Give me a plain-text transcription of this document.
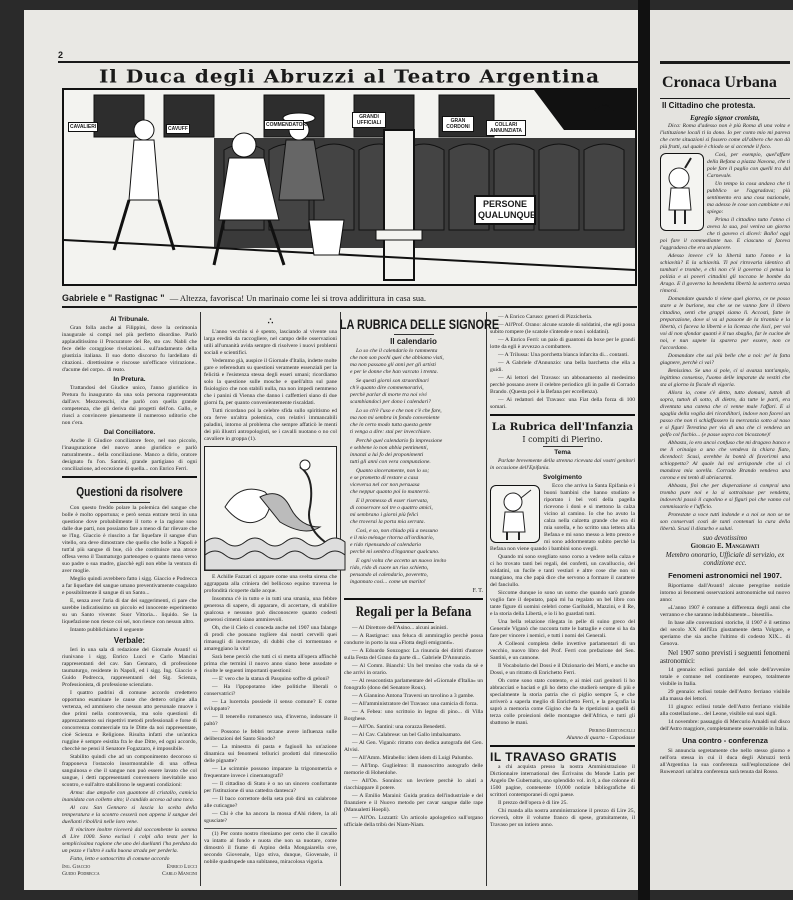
2
Il Duca degli Abruzzi al Teatro Argentina
CAVALIERI	CAVUFF
COMMENDATORI
GRANDI UFFICIALI	GRAN CORDONI	COLLARI ANNUNZIATA
PERSONE QUALUNQUE
Gabriele e " Rastignac " — Altezza, favorisca! Un marinaio come lei si trova addirittura in casa sua.
Al Tribunale.

Gran folla anche ai Filippini, dove la cerimonia inaugurale si compì nel più perfetto disordine. Parlò applauditissimo il Procuratore del Re, sto cav. Nabli che fece delle coraggiose rivelazioni... sull'andamento della giustizia italiana. Il suo dotto discorso fu lardellato di citazioni.. direttissime e riscosse un'efficace virirazione.. d'acume del corpo.. di reato.

In Pretura.

Trattandosi del Giudice unico, l'anno giuridico in Pretura fu inaugurato da una sola persona rappresentata dall'avv. Mezzoreschi, che parlò con quella grande competenza, che gli deriva dai progetti dell'on. Gallo, e riuscì a convincere pienamente il numeroso uditorio che non c'era.

Dal Conciliatore.

Anche il Giudice conciliatore fece, nel suo piccolo, l'inaugurazione del nuovo anno giuridico e parlò naturalmente... della conciliazione. Manco a dirlo, oratore designato fu l'on. Santini, grande partigiano di ogni conciliazione, ad eccezione di quella... con Enrico Ferri.

Questioni da risolvere

Con questo freddo polare la polemica del sangue che bolle è molto opportuna; e però senza entrare terzi in una questione dove probabilmente il torto e la ragione sono dalle due parti, non possiamo fare a meno di far rilevare che se l'Ing. Giaccio è riuscito a far liquefare il sangue d'un vitello, ora deve dimostrare che quello che bolle a Napoli è tutt'al più sangue di bue, ciò che costituisce una atroce offesa verso il Taumaturgo partenopeo o quanto meno verso suo padre o sua madre, giacchè egli non ebbe la ventura di aver moglie.

Meglio quindi avrebbero fatto i sigg. Giaccio e Podrecca a far liquefare del sangue umano preventivamente coagulato e possibilmente il sangue di un Santo...

E, senza aver l'aria di dar dei suggerimenti, ci pare che sarebbe indicatissimo un piccolo ed innocente esperimento su un Santo vivente: Suor Vittoria... liquido. Se la liquefazione non riesce coi sei, non riesce con nessun altro.

Intanto pubblichiamo il seguente

Verbale:

Ieri in una sala di redazione del Giornale Avanti! si riunivano i sigg. Enrico Lucci e Carlo Mancini rappresentanti del cav. San Gennaro, di professione taumaturgo, residente in Napoli, ed i sigg. Ing. Giaccio e Guido Podrecca, rappresentanti del Sig. Scienza, Professionista, di professione scienziato.

I quattro padrini di comune accordo credettero opportuno esaminare le cause che dettero origine alla vertenza, ed ammisero che nessun atto personale muove i due primi nella controversia, ma solo questioni di apprezzamento sui rispettivi metodi professionali e forse di concorrenza commerciale tra le Ditte da noi rappresentate, cioè Scienza e Religione. Risulta infatti che un'antica ruggine è sempre esistita fra le due Ditte, ed ogni accordo, checchè ne pensi il Senatore Fogazzaro, è impossibile.

Stabilito quindi che ad un componimento decoroso si frapponeva l'ostacolo insormontabile di una offesa sanguinosa e che il sangue non può essere lavato che col sangue, i detti rappresentanti convennero inevitabile uno scontro, e sull'altro stabilirono le seguenti condizioni:

Arma: due ampolle con guantone di cristallo, camicia inamidata con colletto alto; il candido acceso ad una toca.

Al cav. San Gennaro si lascia la scelta della temperatura e la scontro cesserà non appena il sangue dei duellanti ribollirà nelle loro vene.

Il vincitore inoltre riceverà dal soccombente la somma di Lire 1000. Sono esclusi i colpi alla testa per la semplicissima ragione che uno dei duellanti l'ha perduta da un pezzo e l'altro è sulla buona strada per perderla.

Fatto, letto e sottoscritto di comune accordo

Ing. Giaccio	Enrico Lucci
Guido Podrecca	Carlo Mancini
∴

L'anno vecchio si è spento, lasciando al vivente una larga eredità da raccogliere, nel campo delle osservazioni utili all'umanità avida sempre di risolvere i nuovi problemi sociali e scientifici.

Vedemmo già, auspice il Giornale d'Italia, indette molte gare e referendum su questioni veramente essenziali per la felicità e l'esistenza stessa degli esseri umani; ricordiamo solo la questione sulle mosche e quell'altra sul pane fisiologico che non stabilì nulla, ma non impedì nemmeno che i panini di Vienna che danno i caffettieri siano di due giorni fa, per quanto convenientemente riscaldati.

Tutti ricordano poi la celebre sfida sullo spiritismo ed ora ferve un'altra polemica, con relativi immancabili paladini, intorno al problema che sempre affaticò le menti dei più illustri antropologisti, se i cavalli nuotano o no col cavaliere in groppa (1).

E Achille Fazzari ci appare come una svelta sirena che aggrappata alla criniera del bellicoso equino traversa le profondità ricoperte dalle acque.

Insomma c'è in tutto e in tutti una smania, una febbre generosa di sapere, di apparare, di accertare, di stabilire qualcosa e nessuno può disconoscere quanto codesti generosi cimenti siano ammirevoli.

Oh, che il Cielo ci conceda anche nel 1907 una falange di prodi che possano togliere dai nostri cervelli quei rimasugli di incertezze, di dubbi che ci tormentano e amareggiano la vita!

Sarà bene perciò che tutti ci si metta all'opera affinchè prima che termini il nuovo anno siano bene assodate e risolte le seguenti importanti questioni:

— E' vero che la statua di Pasquino soffre di geloni?

— Ha l'ippopotamo idee politiche liberali o conservatrici?

— La lucertola possiede il senso comune? E come sviluppato?

— Il tenerello romanesco usa, d'inverno, indossare il paltò?

— Possono le febbri terzane avere influenza sulle deliberazioni del Santo Sinodo?

— La minestra di pasta e fagiuoli ha un'azione dinamica sui fenomeni tellurici prodotti dal rimescolio delle pignatte?

— Le scimmie possono imparare la trigonometria e frequentare invece i cinematografi?

— Il cittadino di Stato è o no un sincero confortante per l'istituzione di una cattedra dantesca?

— Il baco correttore della seta può dirsi un calabrone alle cuticagne?

— Chi è che ha ancora la mossa d'Ahi ridere, la ali sgusciate?

(1) Per conto nostro riteniamo per certo che il cavallo va intatto al fondo e nuota che non sa nuotare, come dimostrò il fiume di Arpino della Mongaiarella ove, secondo Giovenale, Ugo stiva, dunque, Giovenale, il nobile quadrupede una subitanea, miracolosa vigoria.

LA RUBRICA DELLE SIGNORE
Il calendario
Lo so che il calendario lo rammenta
che non son pochi quei che abbiamo visti,
ma non passano gli anni per gli artisti
e per le donne che han varcato i trenta.
Se questi giorni son straordinari
ch'è quanto dire commemorativi,
perchè parlar di morte tra noi vivi
scambiandoci per dono i calendari?
Lo so ch'è l'uso e che non c'è che fare,
ma non mi sembra in fondo conveniente
che in certo modo tutta questa gente
ti venga a dire: stai per invecchiare.
Perchè quel calendario fa impressione
e sebbene io non abbia pentimenti,
innanzi a lui fo dei proponimenti
tutti gli anni con vera compunzione.
Quanto sinceramente, non lo so;
e se prometto di restare a casa
viceversa nel cor non persuasa
che neppur quanto poi lo manterrò.
E il promesso di esser riservata,
di conservare sol tre o quattro amici,
mi sembrano i giorni più felici
che troverai la porta mia serrata.
Così, e so, non chiudo più a nessuno
e il mio ménage ritorna all'ordinario,
e rido ripensando al calendario
perchè mi sembra d'ingannar qualcuno.
E ogni volta che accetto un nuovo invito
rido, rido di cuore un riso schietto,
pensando al calendario, poveretto,
ingannato così... come un marito!
F. T.
Regali per la Befana

— Al Direttore dell'Asino... alcuni asinisti.

— A Rastignac: una feluca di ammiraglio perchè possa condurre in porto la sua «Flotta degli emigranti».

— A Edoardo Sonzogno: La rinuncia dei diritti d'autore sulla Festa del Grano da parte di... Gabriele D'Annunzio.

— Al Comm. Bianchi: Un bel trenino che vada da sè e che arrivi in orario.

— Al resocontista parlamentare del «Giornale d'Italia» un fonografo (dono del Senatore Roux).

— A Giannino Antona Traversi un tavolino a 3 gambe.

— All'amministratore del Travaso: una camicia di forza.

— A Febea: uno scrittoio in legno di pino... di Villa Borghese.

— All'On. Santini: una corazza Benedetti.

— Al Cav. Calabrese: un bel Gallo imbalsamato.

— Al Gen. Viganò: ritratto con dedica autografa del Gen. Alvisi.

— All'Amm. Mirabello: idem idem di Luigi Palumbo.

— All'Imp. Guglielmo: Il manoscritto autografo delle memorie di Hohenlohe.

— All'On. Sonnino: un levriere perchè lo aiuti a riacchiappare il potere.

— A Emilio Maraini: Guida pratica dell'industriale e del finanziere e il Nuovo metodo per cavar sangue dalle rape (Manualetti Hoepli).

— All'On. Luzzatti: Un articolo apologetico sull'organo ufficiale della tribù dei Niam-Niam.

— A Enrico Caruso: generi di Pizzicheria.

— All'Prof. Orano: alcune scatole di soldatini, che egli possa subito rompere (le scatole s'intende e non i soldatini).

— A Enrico Ferri: un paio di guantoni da boxe per le grandi lotte da egli è avvezzo a combattere.

— A Trilussa: Una porchetta bianca infarcita di... contanti.

— A Gabriele d'Annunzio: una bella barchetta che ella a guidi.

— Ai lettori del Travaso: un abbonamento al medesimo perchè possano avere il celebre periodico gli in palle di Corrado Brando. (Questa poi è la Befana per eccellenza).

— Ai redattori del Travaso: una Fiat della forza di 100 somari.

La Rubrica dell'Infanzia
I compiti di Pierino.
Tema

Parlate brevemente della strenna ricevuta dai vostri genitori in occasione dell'Epifania.

Svolgimento

Ecco che arriva la Santa Epifania e i buoni bambini che hanno studiato e riportato i bei voti della pagella ricevono i doni e si mettono la calza vicino al camino. Io che ho avuto la calza nella calzetta grande che era di mia sorella, e ho scritto una lettera alla Befana e mi sono messo a letto presto e mi sono addormentato subito perchè la Befana non viene quando i bambini sono svegli.

Quando mi sono svegliato sono corso a vedere nella calza e ci ho trovato tanti bei regali, dei confetti, un cavalluccio, dei soldatini, un fucile e tanti vestiari e altre cose che non si mangiano, ma che papà dice che servono a formare il carattere del fanciullo.

Siccome dunque io sono un uomo che quando sarò grande voglio fare il deputato, papà mi ha regalato un bel libro con tante figure di uomini celebri come Garibaldi, Mazzini, e il Re, e la storia della Libertà, e io li ho guardati tutti.

Una bella relazione rilegata in pelle di suino greco del Generale Viganò che racconta tutte le battaglie e come si ha da fare per vincere i nemici, e tutti i nomi dei Generali.

A Colleoni completa delle invettive parlamentari di un vecchio, nuovo libro del Prof. Ferri con prefazione del Sen. Santini, e un cannone.

Il Vocabolario del Dossi e il Dizionario dei Morti, e anche un Dossi, e un ritratto di Enrichetto Ferri.

Oh come sono stato contento, e ai miei cari genitori li ho abbracciati e baciati e gli ho detto che studierò sempre di più e specialmente la storia patria che ci piglio sempre 5, e che arriverò a saperla meglio di Enrichetto Ferri, e la geografia la saprò a memoria come Gigino che fa le ripetizioni a quelli di terza colle proiezioni delle montagne dell'Africa, e tutti gli sbattono le mani.

Pierino Bertoncelli
Alunno di quarta - Caposlasse
IL TRAVASO GRATIS

a chi acquista presso la nostra Amministrazione il Dictionnaire international des Écrivains du Monde Latin per Angelo De Gubernatis, uno splendido vol. in 8, a due colonne di 1500 pagine, contenente 10,000 notizie bibliografiche di scrittori contemporanei di ogni paese.

Il prezzo dell'opera è di lire 25.

Chi manda alla nostra amministrazione il prezzo di Lire 25, riceverà, oltre il volume franco di spese, gratuitamente, il Travaso per un intiero anno.

Cronaca Urbana
Il Cittadino che protesta.
Egregio signor cronista,

Dica: Roma d'adesso non è più Roma di una volta e l'istituzione locali ti la dono. Io per conto mio mi pareva che certe situazioni si fossero come all'albero che non dà più frutti, sul quale è chiodo se si accende il foco.

Così, per esempio, quel'affare della Befana a piazza Navona, che ti pole fare il paglio con quelli tra dal Carnevale.

Un tempo la cosa andava che ti pubblico se l'aggradava; più sentimento era una cosa nazionale, ma adesso le cose son cambiate e mi spiego:

Prima il cittadino tutto l'anno ci aveva la sua, poi veniva un giorno che ti gavevo ci dicevi: Ballo! oggi poi fare il commediante tuo. E ciascuno si faceva l'aggradava che era un piacere.

Adesso invece c'è la libertà tutto l'anno e la schiavitù? E la schiavitù. Ti poi ritrovarla identico di tamburi e trombe, e chi non c'è il governo ci pensa la polizia e ai poveri cittadini gli toccano le bombe da Arago. E il governo la benedetta libertà la sotterra senza rimorsi.

Domandate quando ti viene quel giorno, ce ne posso stare a le burlone, ma che se ne vanno fare il libero cittadino, senti che gruppi siamo lì. Accosti, fatte le preparazione, dove si va al passone de la tirannia e la libertà, ci faceva la libertà e la licenza che lisci, per voi voi di non sfondar quanti è il tuo sbaglio, far le cucine de noi, e nun sapete la sparera per essere, non ce l'accordano.

Domandate che sai più belle che a noi: pe' la fatta giugnere, perchè ci vai?

Benissimo. Se uno si pole, ci si avanza tant'ampio, legittimo consenso, l'uomo delle imparate da vestiti che sta al giorno la fiscale di vigoria.

Allora io, come s'è detto, tutto domani, tuttoh di sopra, tuttoh di sotto, di dietro, da tutte le parti, era diventata una catena che ci venne male l'affari. E si sgaglia della voglia dei ricordiltori, indove non facevi un passo che non ti schiaffassero la mercanzia sotto al naso e si figuri Terestina per via di una che ci vendeva un golfo col fischio... (e passe sopra con bicozzone)!

Abbasta, io ero ancoi confuso che mi dragavo banco e me li orinaigo a uno che vendeva la chiara fiato, dicendoci: Scusi, avrebbe la bontà di favorirmi una schioppetta? Al quale lui mi arrisponde che si ci mandava mia sorella. Corrado Brando vendeva una corona e mi tentò di ubriacarmi.

Abbasta, fini che per disperazione si comprai una tromba pure noi e la si sottrainase per vendetta, indovechi passò il capolino e si figuri poi che vanno col commissario e l'ufficio.

Protestate a voce tutti indonde e a noi se non se ne son conservati costi de tanti contenuti la cura della libertà. Scusi il disturbo e saluti.

suo devotissimo
Giorgio E. Mangiavati
Membro onorario, Ufficiale di servizio, ex condizione ecc.
Fenomeni astronomici nel 1907.

Riportiamo dall'Avanti! alcune peregrine notizie intorno ai fenomeni osservazioni astronomiche sul nuovo anno:

«L'anno 1907 è comune a differenza degli anni che verranno e che saranno indubbiamente... bisestili».

In base alle convenzioni storiche, il 1907 è il settimo del secolo XX dell'Era giustamente detta Volgare, e speriamo che sia anche l'ultimo di codesto XIX... di Genova.

Nel 1907 sono previsti i seguenti fenomeni astronomici:

14 gennaio: eclissi parziale del sole dell'avvenire totale e comune nel continente europeo, totalmente visibile in Italia.

29 gennaio: eclissi totale dell'Astro ferriano visibile alla massa dei lettori.

11 giugno: eclissi totale dell'Astro ferriano visibile alla costellazione... del Leone, visibile sui suoi sigli.

14 novembre: passaggio di Mercurio Arnaldi sul disco dell'Astro maggiore, completamente osservabile in Italia.

Una contro - conferenza

Si annuncia segretamente che nello stesso giorno e nell'ora stessa in cui il duca degli Abruzzi terrà all'Argentina la sua conferenza sull'esplorazione del Ruwenzori un'altra conferenza sarà tenuta dal Rosso.
